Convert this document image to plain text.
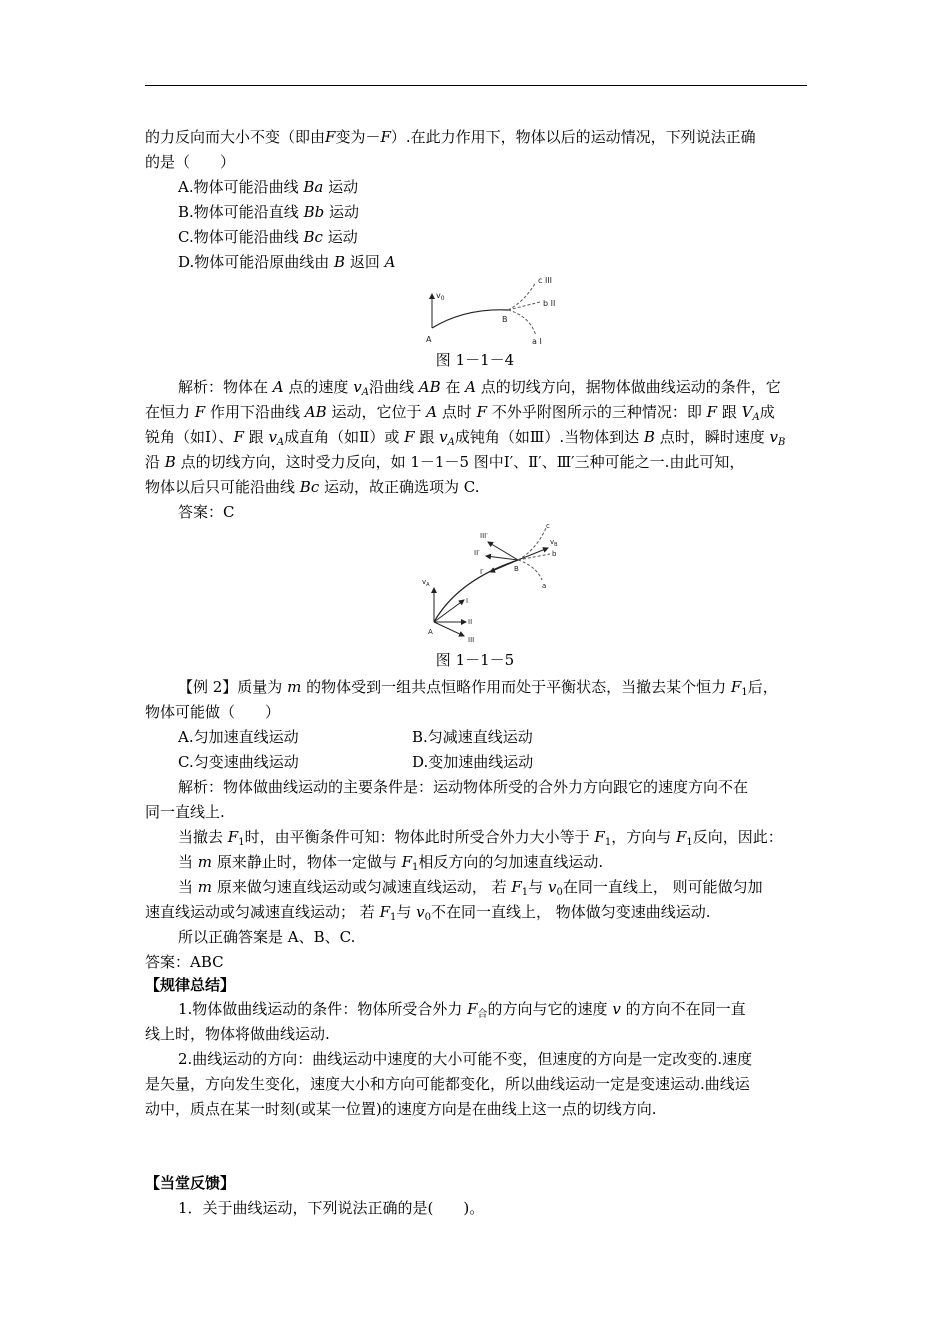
的力反向而大小不变（即由F变为－F）.在此力作用下，物体以后的运动情况，下列说法正确
的是（　　）
A.物体可能沿曲线 Ba 运动
B.物体可能沿直线 Bb 运动
C.物体可能沿曲线 Bc 运动
D.物体可能沿原曲线由 B 返回 A
$v_0$
A
B
c III
b II
a I
图 1－1－4
解析：物体在 A 点的速度 $v_A$沿曲线 AB 在 A 点的切线方向，据物体做曲线运动的条件，它
在恒力 F 作用下沿曲线 AB 运动，它位于 A 点时 F 不外乎附图所示的三种情况：即 F 跟 $V_A$成
锐角（如Ⅰ）、F 跟 $v_A$成直角（如Ⅱ）或 F 跟 $v_A$成钝角（如Ⅲ）.当物体到达 B 点时，瞬时速度 $v_B$
沿 B 点的切线方向，这时受力反向，如 1－1－5 图中Ⅰ′、Ⅱ′、Ⅲ′三种可能之一.由此可知，
物体以后只可能沿曲线 Bc 运动，故正确选项为 C.
答案：C
$v_A$
A
B
I
II
III
III′
II′
I′
c
$v_B$
b
a
图 1－1－5
【例 2】质量为 m 的物体受到一组共点恒略作用而处于平衡状态，当撤去某个恒力 $F_1$后，
物体可能做（　　）
A.匀加速直线运动	B.匀减速直线运动
C.匀变速曲线运动	D.变加速曲线运动
解析：物体做曲线运动的主要条件是：运动物体所受的合外力方向跟它的速度方向不在
同一直线上.
当撤去 $F_1$时，由平衡条件可知：物体此时所受合外力大小等于 $F_1$，方向与 $F_1$反向，因此：
当 m 原来静止时，物体一定做与 $F_1$相反方向的匀加速直线运动.
当 m 原来做匀速直线运动或匀减速直线运动， 若 $F_1$与 $v_0$在同一直线上， 则可能做匀加
速直线运动或匀减速直线运动； 若 $F_1$与 $v_0$不在同一直线上， 物体做匀变速曲线运动.
所以正确答案是 A、B、C.
答案：ABC
【规律总结】
1.物体做曲线运动的条件：物体所受合外力 $F_合$的方向与它的速度 v 的方向不在同一直
线上时，物体将做曲线运动.
2.曲线运动的方向：曲线运动中速度的大小可能不变，但速度的方向是一定改变的.速度
是矢量，方向发生变化，速度大小和方向可能都变化，所以曲线运动一定是变速运动.曲线运
动中，质点在某一时刻(或某一位置)的速度方向是在曲线上这一点的切线方向.
【当堂反馈】
1．关于曲线运动，下列说法正确的是(　　)。
